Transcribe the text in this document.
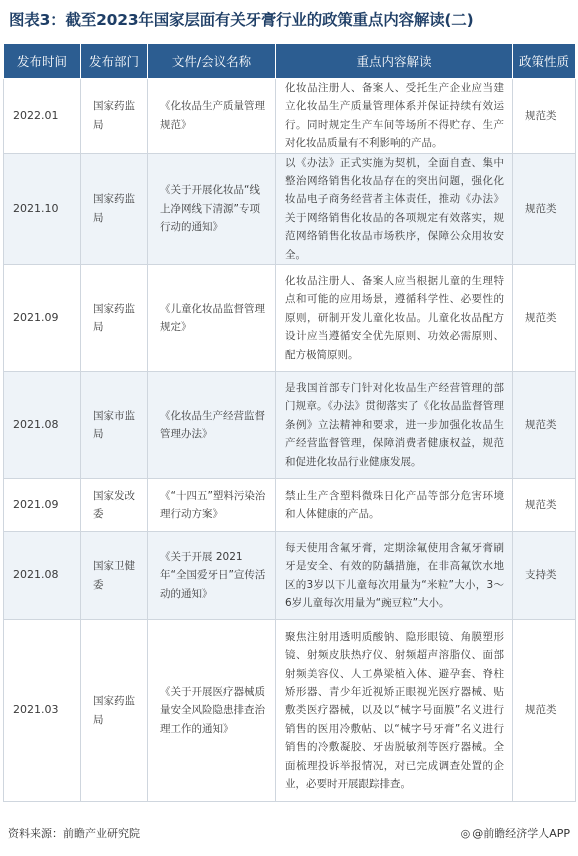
图表3：截至2023年国家层面有关牙膏行业的政策重点内容解读(二)
发布时间	发布部门	文件/会议名称	重点内容解读	政策性质
2022.01	国家药监局	《化妆品生产质量管理规范》	化妆品注册人、备案人、受托生产企业应当建立化妆品生产质量管理体系并保证持续有效运行。同时规定生产车间等场所不得贮存、生产对化妆品质量有不利影响的产品。	规范类
2021.10	国家药监局	《关于开展化妆品“线上净网线下清源”专项行动的通知》	以《办法》正式实施为契机，全面自查、集中整治网络销售化妆品存在的突出问题，强化化妆品电子商务经营者主体责任，推动《办法》关于网络销售化妆品的各项规定有效落实，规范网络销售化妆品市场秩序，保障公众用妆安全。	规范类
2021.09	国家药监局	《儿童化妆品监督管理规定》	化妆品注册人、备案人应当根据儿童的生理特点和可能的应用场景，遵循科学性、必要性的原则，研制开发儿童化妆品。儿童化妆品配方设计应当遵循安全优先原则、功效必需原则、配方极简原则。	规范类
2021.08	国家市监局	《化妆品生产经营监督管理办法》	是我国首部专门针对化妆品生产经营管理的部门规章。《办法》贯彻落实了《化妆品监督管理条例》立法精神和要求，进一步加强化妆品生产经营监督管理，保障消费者健康权益，规范和促进化妆品行业健康发展。	规范类
2021.09	国家发改委	《“十四五”塑料污染治理行动方案》	禁止生产含塑料微珠日化产品等部分危害环境和人体健康的产品。	规范类
2021.08	国家卫健委	《关于开展 2021 年“全国爱牙日”宣传活动的通知》	每天使用含氟牙膏，定期涂氟使用含氟牙膏刷牙是安全、有效的防龋措施，在非高氟饮水地区的3岁以下儿童每次用量为“米粒”大小，3～6岁儿童每次用量为“豌豆粒”大小。	支持类
2021.03	国家药监局	《关于开展医疗器械质量安全风险隐患排查治理工作的通知》	聚焦注射用透明质酸钠、隐形眼镜、角膜塑形镜、射频皮肤热疗仪、射频超声溶脂仪、面部射频美容仪、人工鼻梁植入体、避孕套、脊柱矫形器、青少年近视矫正眼视光医疗器械、贴敷类医疗器械，以及以“械字号面膜”名义进行销售的医用冷敷帖、以“械字号牙膏”名义进行销售的冷敷凝胶、牙齿脱敏剂等医疗器械。全面梳理投诉举报情况，对已完成调查处置的企业，必要时开展跟踪排查。	规范类
资料来源：前瞻产业研究院	◎ @前瞻经济学人APP
